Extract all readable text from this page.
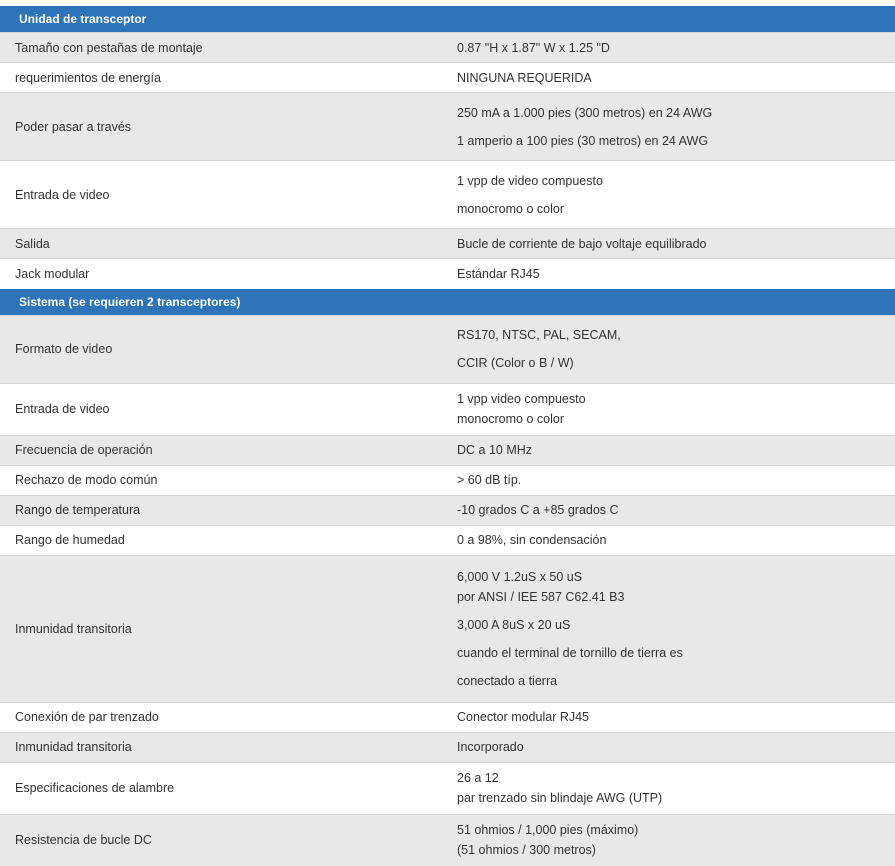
Unidad de transceptor	
Tamaño con pestañas de montaje	0.87 "H x 1.87" W x 1.25 "D

requerimientos de energía	NINGUNA REQUERIDA

Poder pasar a través	250 mA a 1.000 pies (300 metros) en 24 AWG
1 amperio a 100 pies (30 metros) en 24 AWG

Entrada de video	1 vpp de video compuesto
monocromo o color

Salida	Bucle de corriente de bajo voltaje equilibrado

Jack modular	Estándar RJ45

Sistema (se requieren 2 transceptores)	
Formato de video	RS170, NTSC, PAL, SECAM,
CCIR (Color o B / W)

Entrada de video	1 vpp video compuesto
monocromo o color

Frecuencia de operación	DC a 10 MHz

Rechazo de modo común	> 60 dB típ.

Rango de temperatura	-10 grados C a +85 grados C

Rango de humedad	0 a 98%, sin condensación

Inmunidad transitoria	6,000 V 1.2uS x 50 uS
por ANSI / IEE 587 C62.41 B3
3,000 A 8uS x 20 uS
cuando el terminal de tornillo de tierra es
conectado a tierra

Conexión de par trenzado	Conector modular RJ45

Inmunidad transitoria	Incorporado

Especificaciones de alambre	26 a 12
par trenzado sin blindaje AWG (UTP)

Resistencia de bucle DC	51 ohmios / 1,000 pies (máximo)
(51 ohmios / 300 metros)
